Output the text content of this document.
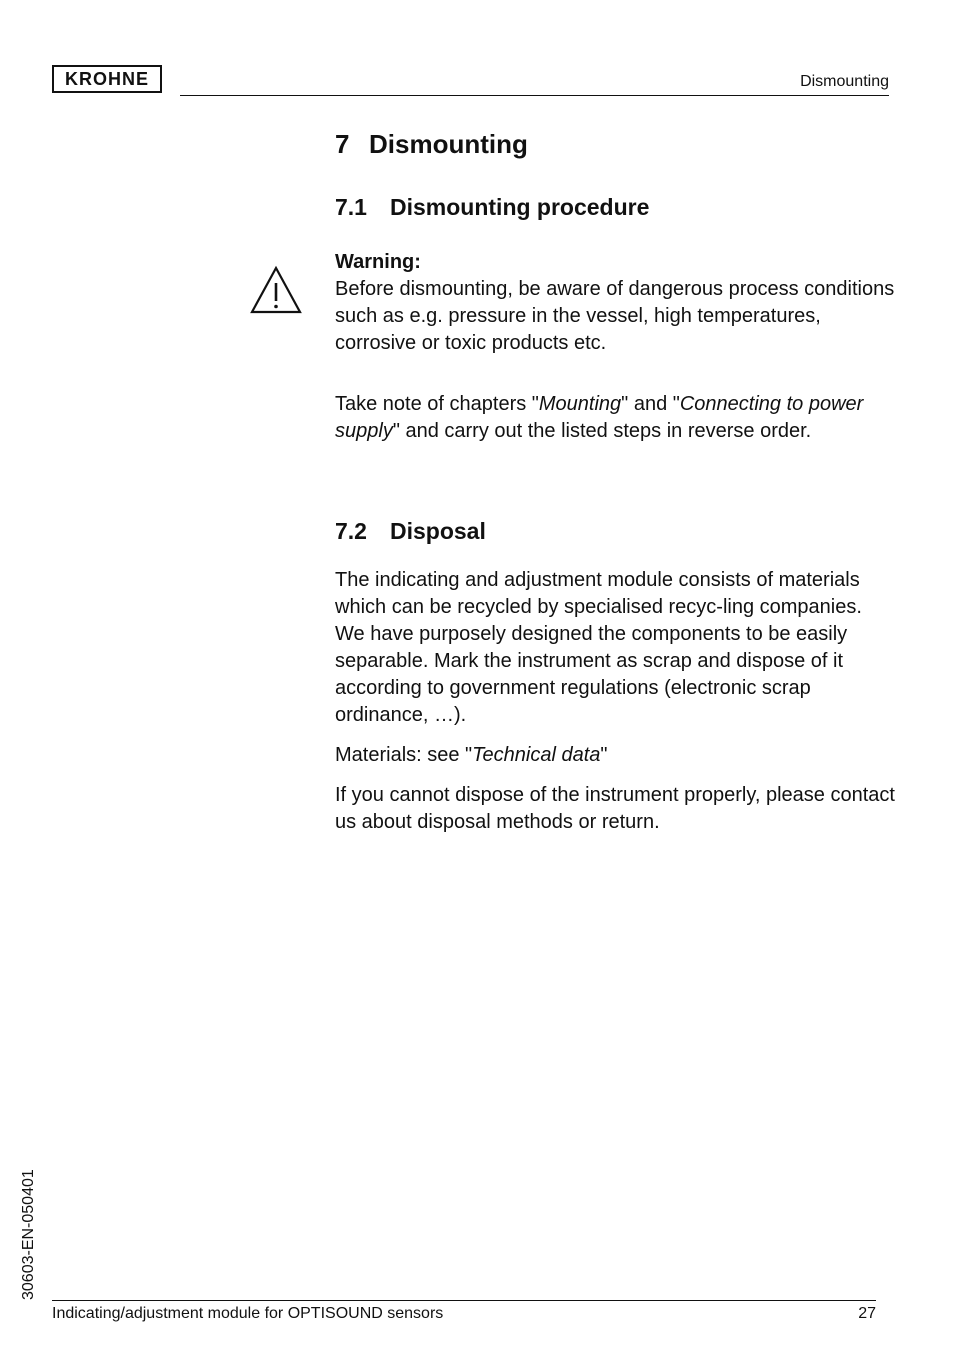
KROHNE	Dismounting
7 Dismounting
7.1 Dismounting procedure

Warning:

Before dismounting, be aware of dangerous process conditions such as e.g. pressure in the vessel, high temperatures, corrosive or toxic products etc.

Take note of chapters "Mounting" and "Connecting to power supply" and carry out the listed steps in reverse order.

7.2 Disposal

The indicating and adjustment module consists of materials which can be recycled by specialised recyc-ling companies. We have purposely designed the components to be easily separable. Mark the instrument as scrap and dispose of it according to government regulations (electronic scrap ordinance, …).

Materials: see "Technical data"

If you cannot dispose of the instrument properly, please contact us about disposal methods or return.

30603-EN-050401
Indicating/adjustment module for OPTISOUND sensors	27
